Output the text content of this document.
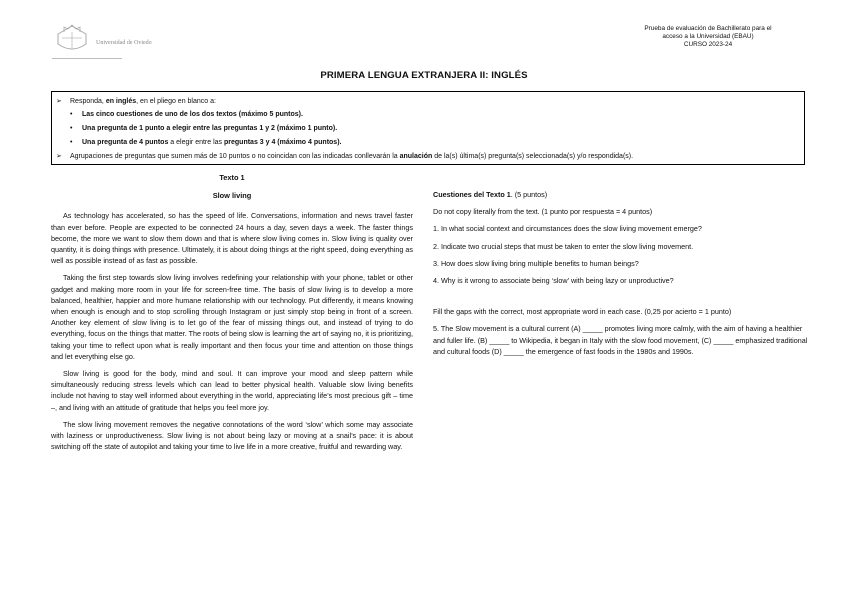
Universidad de Oviedo
Prueba de evaluación de Bachillerato para el
acceso a la Universidad (EBAU)
CURSO 2023-24
PRIMERA LENGUA EXTRANJERA II: INGLÉS
➢ Responda, en inglés, en el pliego en blanco a:
• Las cinco cuestiones de uno de los dos textos (máximo 5 puntos).
• Una pregunta de 1 punto a elegir entre las preguntas 1 y 2 (máximo 1 punto).
• Una pregunta de 4 puntos a elegir entre las preguntas 3 y 4 (máximo 4 puntos).
➢ Agrupaciones de preguntas que sumen más de 10 puntos o no coincidan con las indicadas conllevarán la anulación de la(s) última(s) pregunta(s) seleccionada(s) y/o respondida(s).
Texto 1
Slow living

As technology has accelerated, so has the speed of life. Conversations, information and news travel faster than ever before. People are expected to be connected 24 hours a day, seven days a week. The faster things become, the more we want to slow them down and that is where slow living comes in. Slow living is quality over quantity, it is doing things with presence. Ultimately, it is about doing things at the right speed, doing everything as well as possible instead of as fast as possible.

Taking the first step towards slow living involves redefining your relationship with your phone, tablet or other gadget and making more room in your life for screen-free time. The basis of slow living is to develop a more balanced, healthier, happier and more humane relationship with our technology. Put differently, it means knowing when enough is enough and to stop scrolling through Instagram or just simply stop being in front of a screen. Another key element of slow living is to let go of the fear of missing things out, and instead of trying to do everything, focus on the things that matter. The roots of being slow is learning the art of saying no, it is prioritizing, taking your time to reflect upon what is really important and then focus your time and attention on those things and let everything else go.

Slow living is good for the body, mind and soul. It can improve your mood and sleep pattern while simultaneously reducing stress levels which can lead to better physical health. Valuable slow living benefits include not having to stay well informed about everything in the world, appreciating life’s most precious gift – time –, and living with an attitude of gratitude that helps you feel more joy.

The slow living movement removes the negative connotations of the word ‘slow’ which some may associate with laziness or unproductiveness. Slow living is not about being lazy or moving at a snail’s pace: it is about switching off the state of autopilot and taking your time to live life in a more creative, fruitful and rewarding way.

Cuestiones del Texto 1. (5 puntos)
Do not copy literally from the text. (1 punto por respuesta = 4 puntos)
1. In what social context and circumstances does the slow living movement emerge?
2. Indicate two crucial steps that must be taken to enter the slow living movement.
3. How does slow living bring multiple benefits to human beings?
4. Why is it wrong to associate being ‘slow’ with being lazy or unproductive?
Fill the gaps with the correct, most appropriate word in each case. (0,25 por acierto = 1 punto)
5. The Slow movement is a cultural current (A) _____ promotes living more calmly, with the aim of having a healthier and fuller life. (B) _____ to Wikipedia, it began in Italy with the slow food movement, (C) _____ emphasized traditional and cultural foods (D) _____ the emergence of fast foods in the 1980s and 1990s.
